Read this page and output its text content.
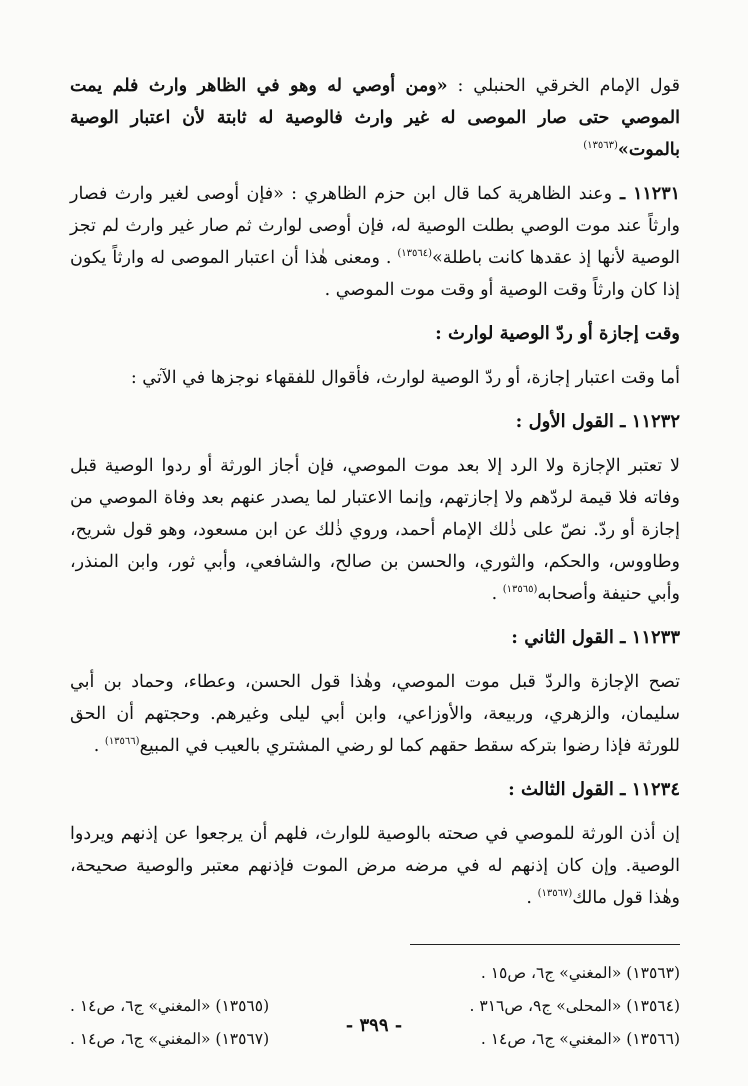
قول الإمام الخرقي الحنبلي : «ومن أوصي له وهو في الظاهر وارث فلم يمت الموصي حتى صار الموصى له غير وارث فالوصية له ثابتة لأن اعتبار الوصية بالموت»$^{(١٣٥٦٣)}$

١١٢٣١ ـ وعند الظاهرية كما قال ابن حزم الظاهري : «فإن أوصى لغير وارث فصار وارثاً عند موت الوصي بطلت الوصية له، فإن أوصى لوارث ثم صار غير وارث لم تجز الوصية لأنها إذ عقدها كانت باطلة»$^{(١٣٥٦٤)}$ . ومعنى هٰذا أن اعتبار الموصى له وارثاً يكون إذا كان وارثاً وقت الوصية أو وقت موت الموصي .

وقت إجازة أو ردّ الوصية لوارث :

أما وقت اعتبار إجازة، أو ردّ الوصية لوارث، فأقوال للفقهاء نوجزها في الآتي :

١١٢٣٢ ـ القول الأول :

لا تعتبر الإجازة ولا الرد إلا بعد موت الموصي، فإن أجاز الورثة أو ردوا الوصية قبل وفاته فلا قيمة لردّهم ولا إجازتهم، وإنما الاعتبار لما يصدر عنهم بعد وفاة الموصي من إجازة أو ردّ. نصّ على ذٰلك الإمام أحمد، وروي ذٰلك عن ابن مسعود، وهو قول شريح، وطاووس، والحكم، والثوري، والحسن بن صالح، والشافعي، وأبي ثور، وابن المنذر، وأبي حنيفة وأصحابه$^{(١٣٥٦٥)}$ .

١١٢٣٣ ـ القول الثاني :

تصح الإجازة والردّ قبل موت الموصي، وهٰذا قول الحسن، وعطاء، وحماد بن أبي سليمان، والزهري، وربيعة، والأوزاعي، وابن أبي ليلى وغيرهم. وحجتهم أن الحق للورثة فإذا رضوا بتركه سقط حقهم كما لو رضي المشتري بالعيب في المبيع$^{(١٣٥٦٦)}$ .

١١٢٣٤ ـ القول الثالث :

إن أذن الورثة للموصي في صحته بالوصية للوارث، فلهم أن يرجعوا عن إذنهم ويردوا الوصية. وإن كان إذنهم له في مرضه مرض الموت فإذنهم معتبر والوصية صحيحة، وهٰذا قول مالك$^{(١٣٥٦٧)}$ .

(١٣٥٦٣) «المغني» ج٦، ص١٥ .
(١٣٥٦٤) «المحلى» ج٩، ص٣١٦ .
(١٣٥٦٥) «المغني» ج٦، ص١٤ .
(١٣٥٦٦) «المغني» ج٦، ص١٤ .
(١٣٥٦٧) «المغني» ج٦، ص١٤ .
- ٣٩٩ -
